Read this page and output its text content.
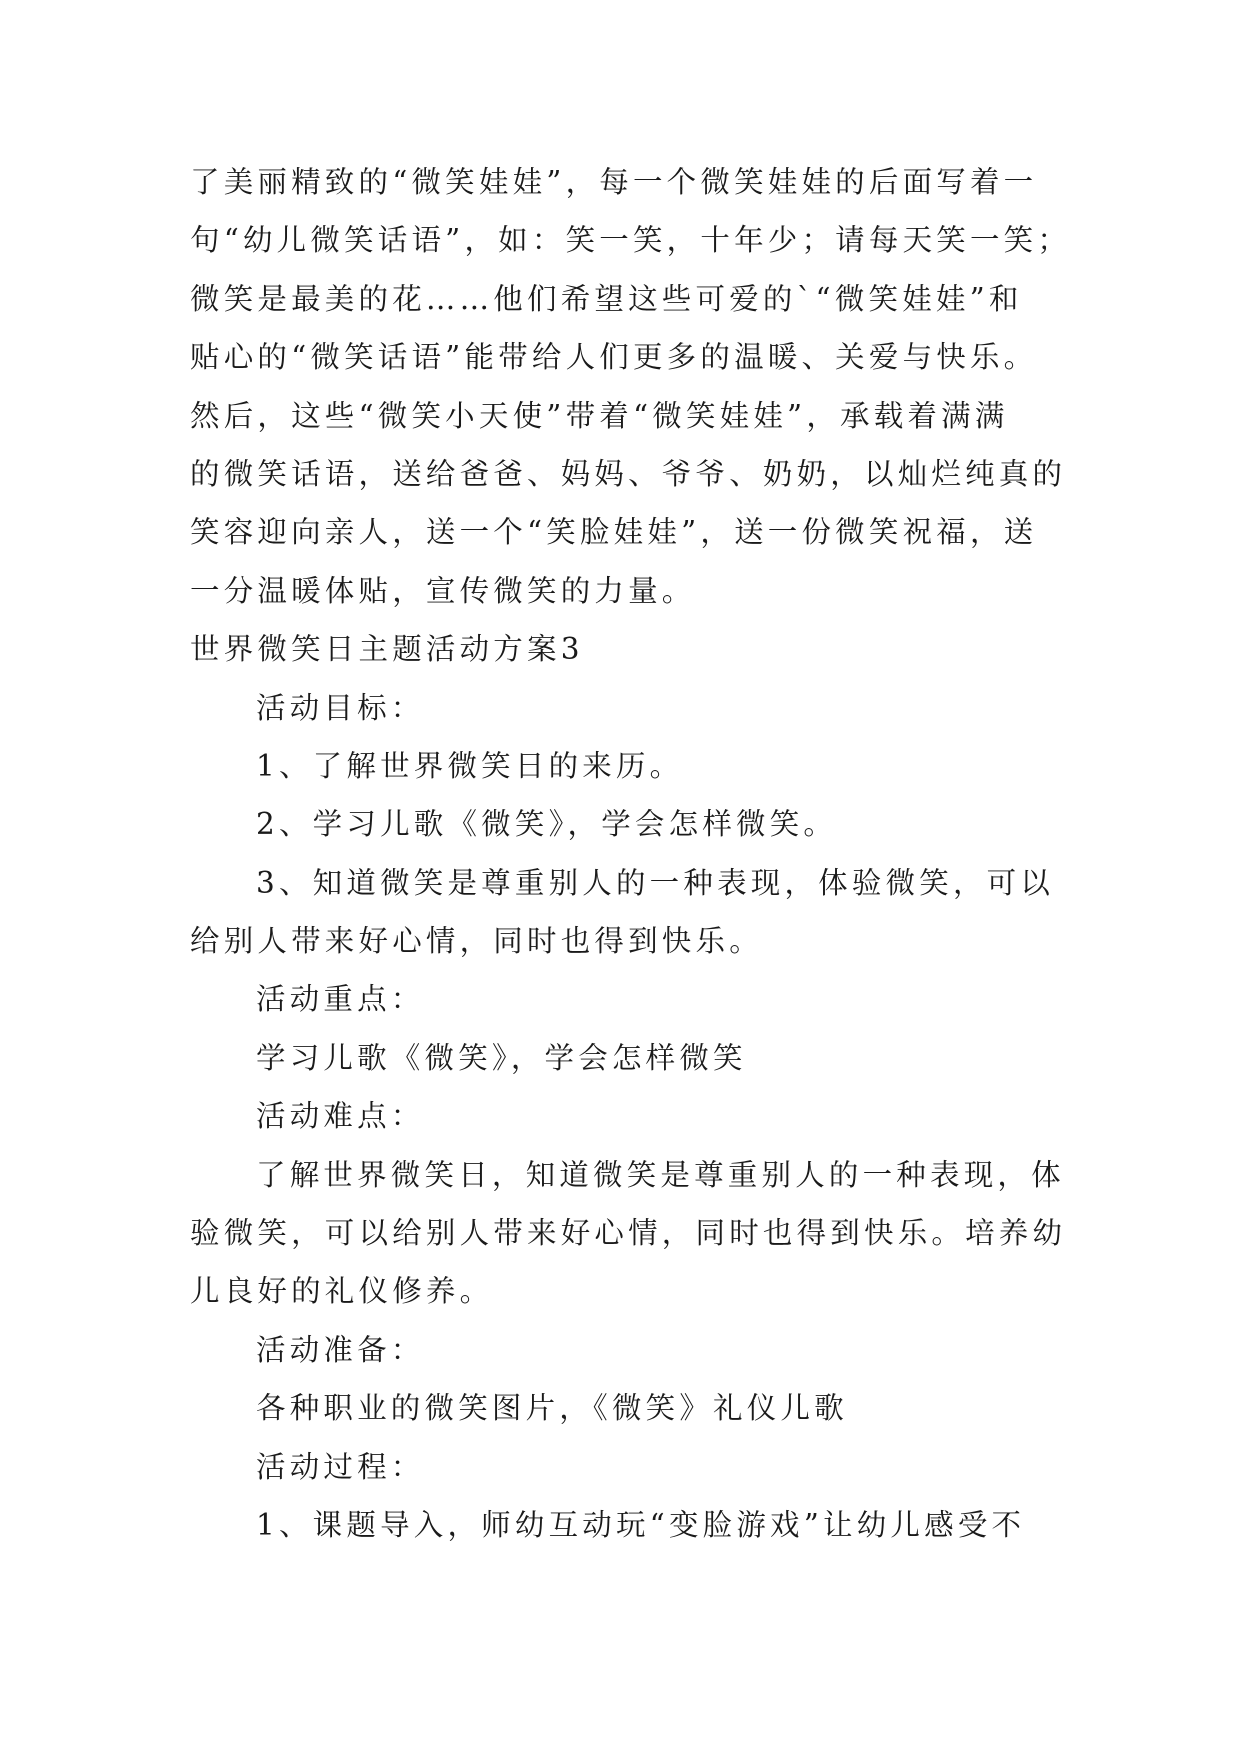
了美丽精致的“微笑娃娃”，每一个微笑娃娃的后面写着一
句“幼儿微笑话语”，如：笑一笑，十年少；请每天笑一笑；
微笑是最美的花……他们希望这些可爱的`“微笑娃娃”和
贴心的“微笑话语”能带给人们更多的温暖、关爱与快乐。
然后，这些“微笑小天使”带着“微笑娃娃”，承载着满满
的微笑话语，送给爸爸、妈妈、爷爷、奶奶，以灿烂纯真的
笑容迎向亲人，送一个“笑脸娃娃”，送一份微笑祝福，送
一分温暖体贴，宣传微笑的力量。
世界微笑日主题活动方案3
活动目标：
1、了解世界微笑日的来历。
2、学习儿歌《微笑》，学会怎样微笑。
3、知道微笑是尊重别人的一种表现，体验微笑，可以
给别人带来好心情，同时也得到快乐。
活动重点：
学习儿歌《微笑》，学会怎样微笑
活动难点：
了解世界微笑日，知道微笑是尊重别人的一种表现，体
验微笑，可以给别人带来好心情，同时也得到快乐。培养幼
儿良好的礼仪修养。
活动准备：
各种职业的微笑图片，《微笑》礼仪儿歌
活动过程：
1、课题导入，师幼互动玩“变脸游戏”让幼儿感受不
